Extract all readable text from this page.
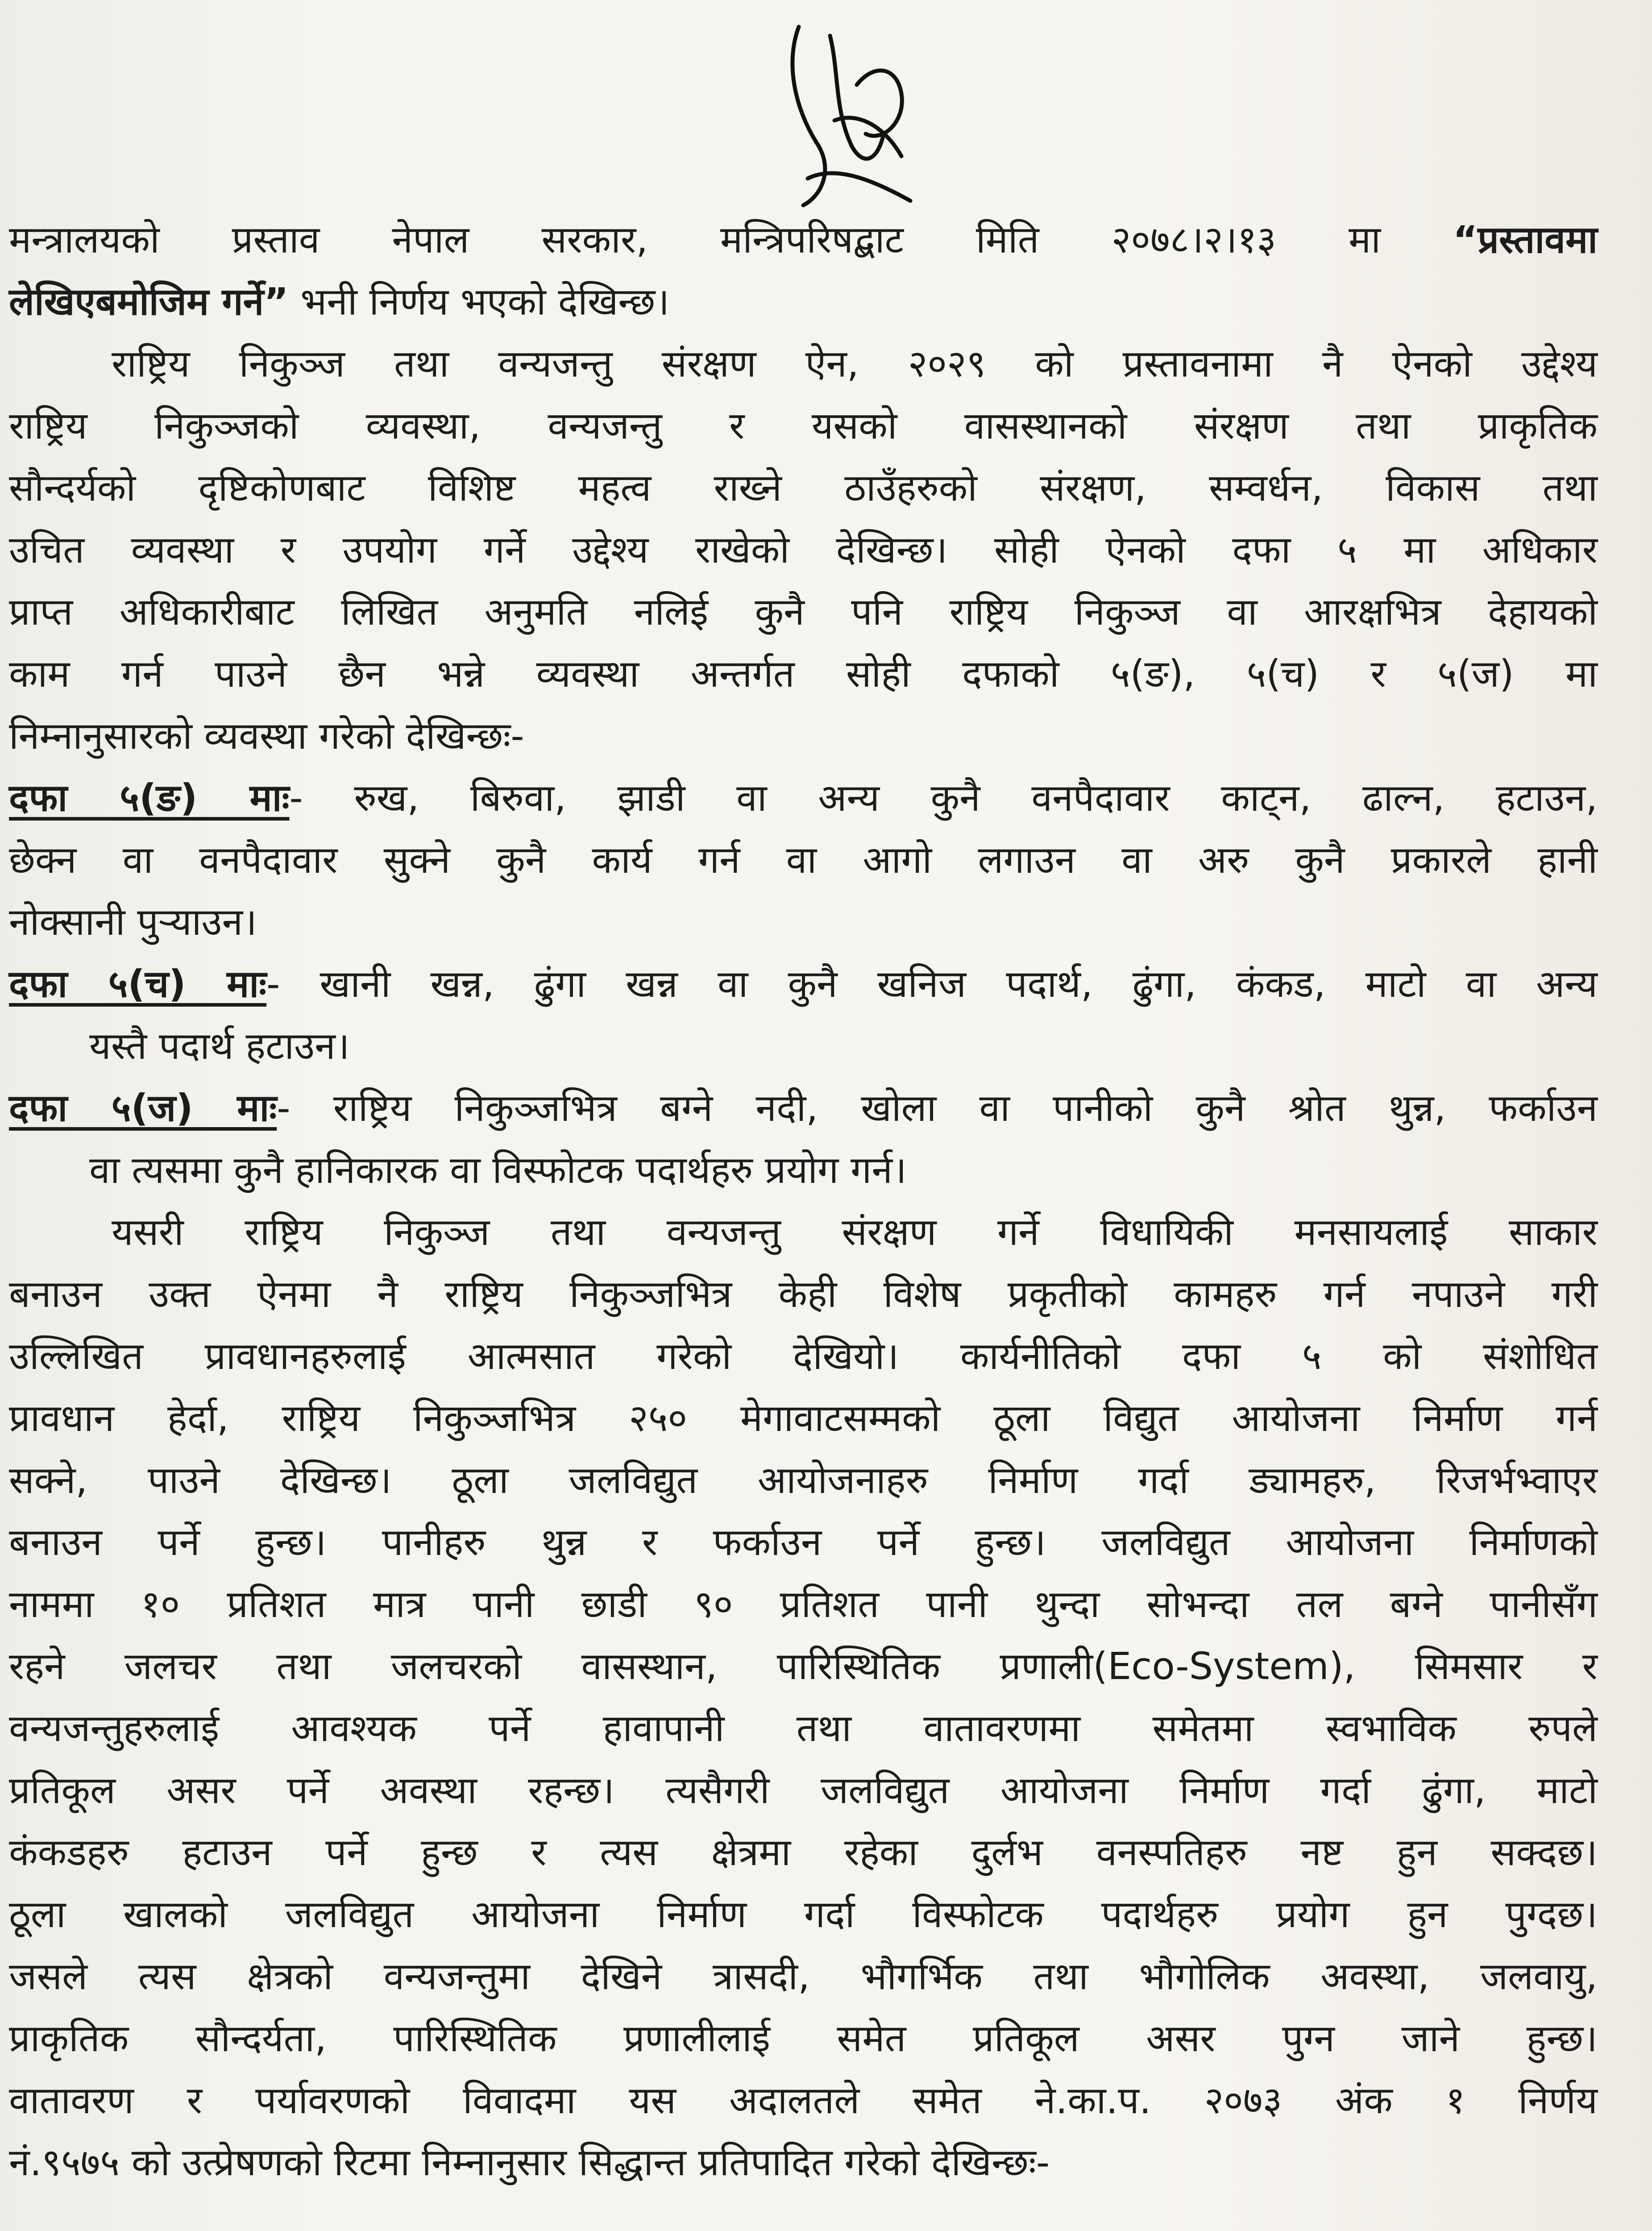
मन्त्रालयको प्रस्ताव नेपाल सरकार, मन्त्रिपरिषद्बाट मिति २०७८।२।१३ मा “प्रस्तावमा
लेखिएबमोजिम गर्ने” भनी निर्णय भएको देखिन्छ।
राष्ट्रिय निकुञ्ज तथा वन्यजन्तु संरक्षण ऐन, २०२९ को प्रस्तावनामा नै ऐनको उद्देश्य
राष्ट्रिय निकुञ्जको व्यवस्था, वन्यजन्तु र यसको वासस्थानको संरक्षण तथा प्राकृतिक
सौन्दर्यको दृष्टिकोणबाट विशिष्ट महत्व राख्ने ठाउँहरुको संरक्षण, सम्वर्धन, विकास तथा
उचित व्यवस्था र उपयोग गर्ने उद्देश्य राखेको देखिन्छ। सोही ऐनको दफा ५ मा अधिकार
प्राप्त अधिकारीबाट लिखित अनुमति नलिई कुनै पनि राष्ट्रिय निकुञ्ज वा आरक्षभित्र देहायको
काम गर्न पाउने छैन भन्ने व्यवस्था अन्तर्गत सोही दफाको ५(ङ), ५(च) र ५(ज) मा
निम्नानुसारको व्यवस्था गरेको देखिन्छः-
दफा ५(ङ) माः- रुख, बिरुवा, झाडी वा अन्य कुनै वनपैदावार काट्न, ढाल्न, हटाउन,
छेक्न वा वनपैदावार सुक्ने कुनै कार्य गर्न वा आगो लगाउन वा अरु कुनै प्रकारले हानी
नोक्सानी पुर्‍याउन।
दफा ५(च) माः- खानी खन्न, ढुंगा खन्न वा कुनै खनिज पदार्थ, ढुंगा, कंकड, माटो वा अन्य
यस्तै पदार्थ हटाउन।
दफा ५(ज) माः- राष्ट्रिय निकुञ्जभित्र बग्ने नदी, खोला वा पानीको कुनै श्रोत थुन्न, फर्काउन
वा त्यसमा कुनै हानिकारक वा विस्फोटक पदार्थहरु प्रयोग गर्न।
यसरी राष्ट्रिय निकुञ्ज तथा वन्यजन्तु संरक्षण गर्ने विधायिकी मनसायलाई साकार
बनाउन उक्त ऐनमा नै राष्ट्रिय निकुञ्जभित्र केही विशेष प्रकृतीको कामहरु गर्न नपाउने गरी
उल्लिखित प्रावधानहरुलाई आत्मसात गरेको देखियो। कार्यनीतिको दफा ५ को संशोधित
प्रावधान हेर्दा, राष्ट्रिय निकुञ्जभित्र २५० मेगावाटसम्मको ठूला विद्युत आयोजना निर्माण गर्न
सक्ने, पाउने देखिन्छ। ठूला जलविद्युत आयोजनाहरु निर्माण गर्दा ड्यामहरु, रिजर्भभ्वाएर
बनाउन पर्ने हुन्छ। पानीहरु थुन्न र फर्काउन पर्ने हुन्छ। जलविद्युत आयोजना निर्माणको
नाममा १० प्रतिशत मात्र पानी छाडी ९० प्रतिशत पानी थुन्दा सोभन्दा तल बग्ने पानीसँग
रहने जलचर तथा जलचरको वासस्थान, पारिस्थितिक प्रणाली(Eco-System), सिमसार र
वन्यजन्तुहरुलाई आवश्यक पर्ने हावापानी तथा वातावरणमा समेतमा स्वभाविक रुपले
प्रतिकूल असर पर्ने अवस्था रहन्छ। त्यसैगरी जलविद्युत आयोजना निर्माण गर्दा ढुंगा, माटो
कंकडहरु हटाउन पर्ने हुन्छ र त्यस क्षेत्रमा रहेका दुर्लभ वनस्पतिहरु नष्ट हुन सक्दछ।
ठूला खालको जलविद्युत आयोजना निर्माण गर्दा विस्फोटक पदार्थहरु प्रयोग हुन पुग्दछ।
जसले त्यस क्षेत्रको वन्यजन्तुमा देखिने त्रासदी, भौगर्भिक तथा भौगोलिक अवस्था, जलवायु,
प्राकृतिक सौन्दर्यता, पारिस्थितिक प्रणालीलाई समेत प्रतिकूल असर पुग्न जाने हुन्छ।
वातावरण र पर्यावरणको विवादमा यस अदालतले समेत ने.का.प. २०७३ अंक १ निर्णय
नं.९५७५ को उत्प्रेषणको रिटमा निम्नानुसार सिद्धान्त प्रतिपादित गरेको देखिन्छः-
